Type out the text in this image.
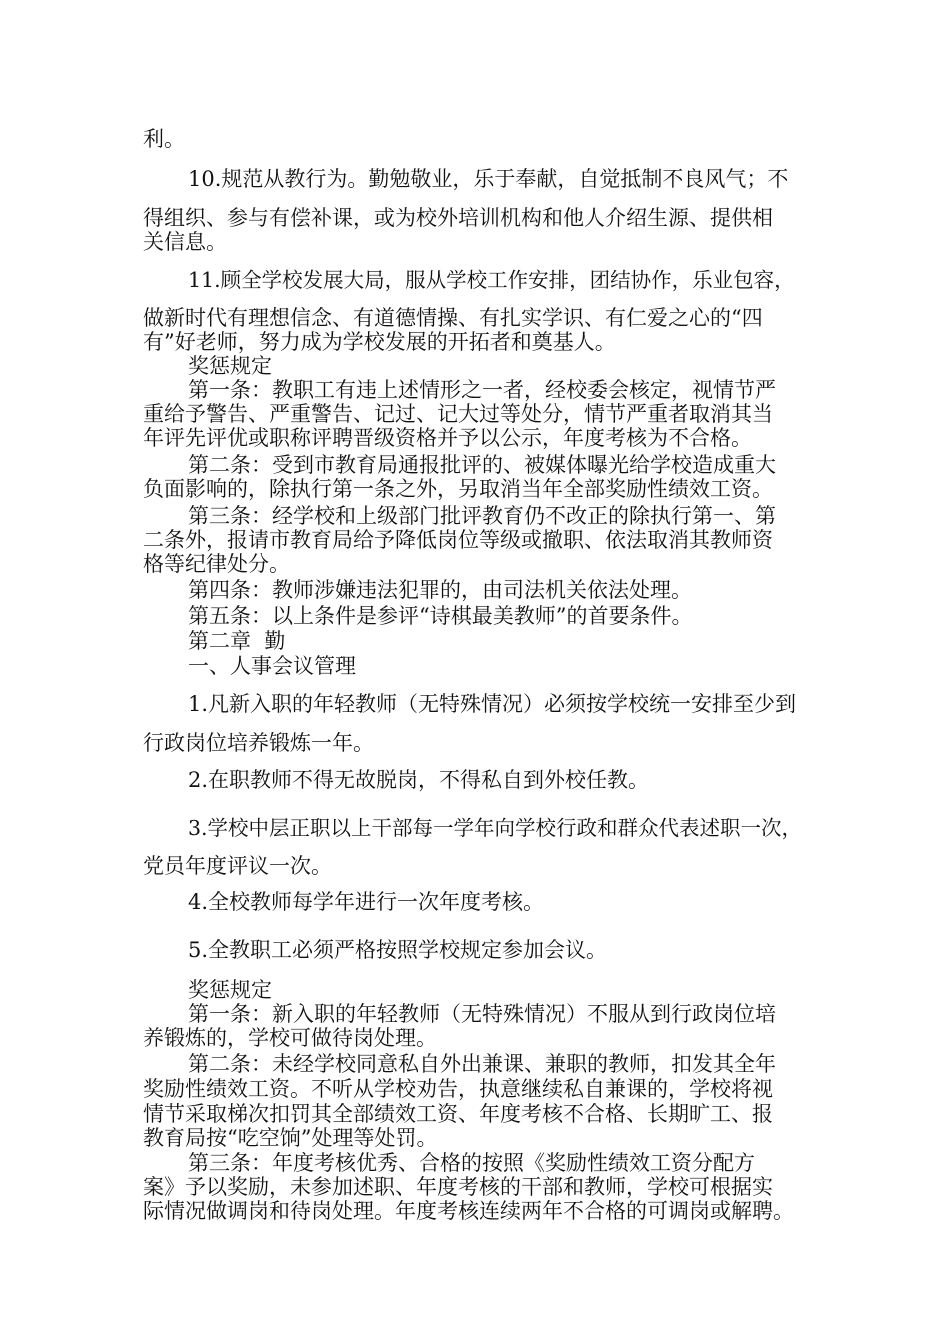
利。
10.规范从教行为。勤勉敬业，乐于奉献，自觉抵制不良风气；不
得组织、参与有偿补课，或为校外培训机构和他人介绍生源、提供相
关信息。
11.顾全学校发展大局，服从学校工作安排，团结协作，乐业包容，
做新时代有理想信念、有道德情操、有扎实学识、有仁爱之心的“四
有”好老师，努力成为学校发展的开拓者和奠基人。
奖惩规定
第一条：教职工有违上述情形之一者，经校委会核定，视情节严
重给予警告、严重警告、记过、记大过等处分，情节严重者取消其当
年评先评优或职称评聘晋级资格并予以公示，年度考核为不合格。
第二条：受到市教育局通报批评的、被媒体曝光给学校造成重大
负面影响的，除执行第一条之外，另取消当年全部奖励性绩效工资。
第三条：经学校和上级部门批评教育仍不改正的除执行第一、第
二条外，报请市教育局给予降低岗位等级或撤职、依法取消其教师资
格等纪律处分。
第四条：教师涉嫌违法犯罪的，由司法机关依法处理。
第五条：以上条件是参评“诗棋最美教师”的首要条件。
第二章  勤
一、人事会议管理
1.凡新入职的年轻教师（无特殊情况）必须按学校统一安排至少到
行政岗位培养锻炼一年。
2.在职教师不得无故脱岗，不得私自到外校任教。
3.学校中层正职以上干部每一学年向学校行政和群众代表述职一次，
党员年度评议一次。
4.全校教师每学年进行一次年度考核。
5.全教职工必须严格按照学校规定参加会议。
奖惩规定
第一条：新入职的年轻教师（无特殊情况）不服从到行政岗位培
养锻炼的，学校可做待岗处理。
第二条：未经学校同意私自外出兼课、兼职的教师，扣发其全年
奖励性绩效工资。不听从学校劝告，执意继续私自兼课的，学校将视
情节采取梯次扣罚其全部绩效工资、年度考核不合格、长期旷工、报
教育局按“吃空饷”处理等处罚。
第三条：年度考核优秀、合格的按照《奖励性绩效工资分配方
案》予以奖励，未参加述职、年度考核的干部和教师，学校可根据实
际情况做调岗和待岗处理。年度考核连续两年不合格的可调岗或解聘。
